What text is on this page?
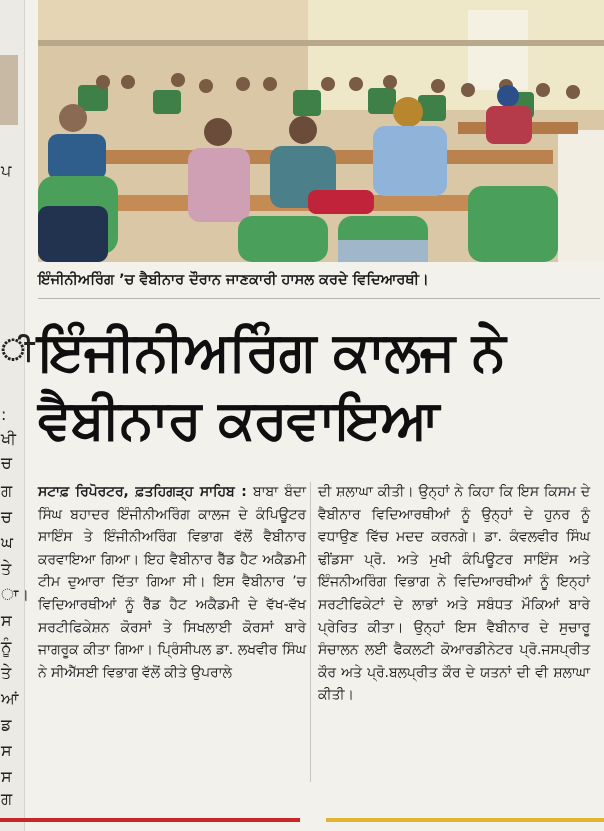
ਪ
ੀ
:
ਖੀ
ਚ
ਗ
ਚ
ਘ
ਤੇ
ਾ।
ਸ
ਨੂੰ
ਤੇ
ਆਂ
ਡ
ਸ
ਸ
ਗ
ਇੰਜੀਨੀਅਰਿੰਗ ’ਚ ਵੈਬੀਨਾਰ ਦੌਰਾਨ ਜਾਣਕਾਰੀ ਹਾਸਲ ਕਰਦੇ ਵਿਦਿਆਰਥੀ।
ਇੰਜੀਨੀਅਰਿੰਗ ਕਾਲਜ ਨੇ
ਵੈਬੀਨਾਰ ਕਰਵਾਇਆ
ਸਟਾਫ਼ ਰਿਪੋਰਟਰ, ਫ਼ਤਹਿਗੜ੍ਹ ਸਾਹਿਬ : ਬਾਬਾ ਬੰਦਾ ਸਿੰਘ ਬਹਾਦਰ ਇੰਜੀਨੀਅਰਿੰਗ ਕਾਲਜ ਦੇ ਕੰਪਿਊਟਰ ਸਾਇੰਸ ਤੇ ਇੰਜੀਨੀਅਰਿੰਗ ਵਿਭਾਗ ਵੱਲੋਂ ਵੈਬੀਨਾਰ ਕਰਵਾਇਆ ਗਿਆ। ਇਹ ਵੈਬੀਨਾਰ ਰੈੱਡ ਹੈਟ ਅਕੈਡਮੀ ਟੀਮ ਦੁਆਰਾ ਦਿੱਤਾ ਗਿਆ ਸੀ। ਇਸ ਵੈਬੀਨਾਰ ’ਚ ਵਿਦਿਆਰਥੀਆਂ ਨੂੰ ਰੈੱਡ ਹੈਟ ਅਕੈਡਮੀ ਦੇ ਵੱਖ-ਵੱਖ ਸਰਟੀਫਿਕੇਸ਼ਨ ਕੋਰਸਾਂ ਤੇ ਸਿਖਲਾਈ ਕੋਰਸਾਂ ਬਾਰੇ ਜਾਗਰੂਕ ਕੀਤਾ ਗਿਆ। ਪ੍ਰਿੰਸੀਪਲ ਡਾ. ਲਖਵੀਰ ਸਿੰਘ ਨੇ ਸੀਐੱਸਈ ਵਿਭਾਗ ਵੱਲੋਂ ਕੀਤੇ ਉਪਰਾਲੇ
ਦੀ ਸ਼ਲਾਘਾ ਕੀਤੀ। ਉਨ੍ਹਾਂ ਨੇ ਕਿਹਾ ਕਿ ਇਸ ਕਿਸਮ ਦੇ ਵੈਬੀਨਾਰ ਵਿਦਿਆਰਥੀਆਂ ਨੂੰ ਉਨ੍ਹਾਂ ਦੇ ਹੁਨਰ ਨੂੰ ਵਧਾਉਣ ਵਿੱਚ ਮਦਦ ਕਰਨਗੇ। ਡਾ. ਕੰਵਲਵੀਰ ਸਿੰਘ ਢੀਂਡਸਾ ਪ੍ਰੋ. ਅਤੇ ਮੁਖੀ ਕੰਪਿਊਟਰ ਸਾਇੰਸ ਅਤੇ ਇੰਜਨੀਅਰਿੰਗ ਵਿਭਾਗ ਨੇ ਵਿਦਿਆਰਥੀਆਂ ਨੂੰ ਇਨ੍ਹਾਂ ਸਰਟੀਫਿਕੇਟਾਂ ਦੇ ਲਾਭਾਂ ਅਤੇ ਸਬੰਧਤ ਮੌਕਿਆਂ ਬਾਰੇ ਪ੍ਰੇਰਿਤ ਕੀਤਾ। ਉਨ੍ਹਾਂ ਇਸ ਵੈਬੀਨਾਰ ਦੇ ਸੁਚਾਰੂ ਸੰਚਾਲਨ ਲਈ ਫੈਕਲਟੀ ਕੋਆਰਡੀਨੇਟਰ ਪ੍ਰੋ.ਜਸਪ੍ਰੀਤ ਕੌਰ ਅਤੇ ਪ੍ਰੋ.ਬਲਪ੍ਰੀਤ ਕੌਰ ਦੇ ਯਤਨਾਂ ਦੀ ਵੀ ਸ਼ਲਾਘਾ ਕੀਤੀ।
